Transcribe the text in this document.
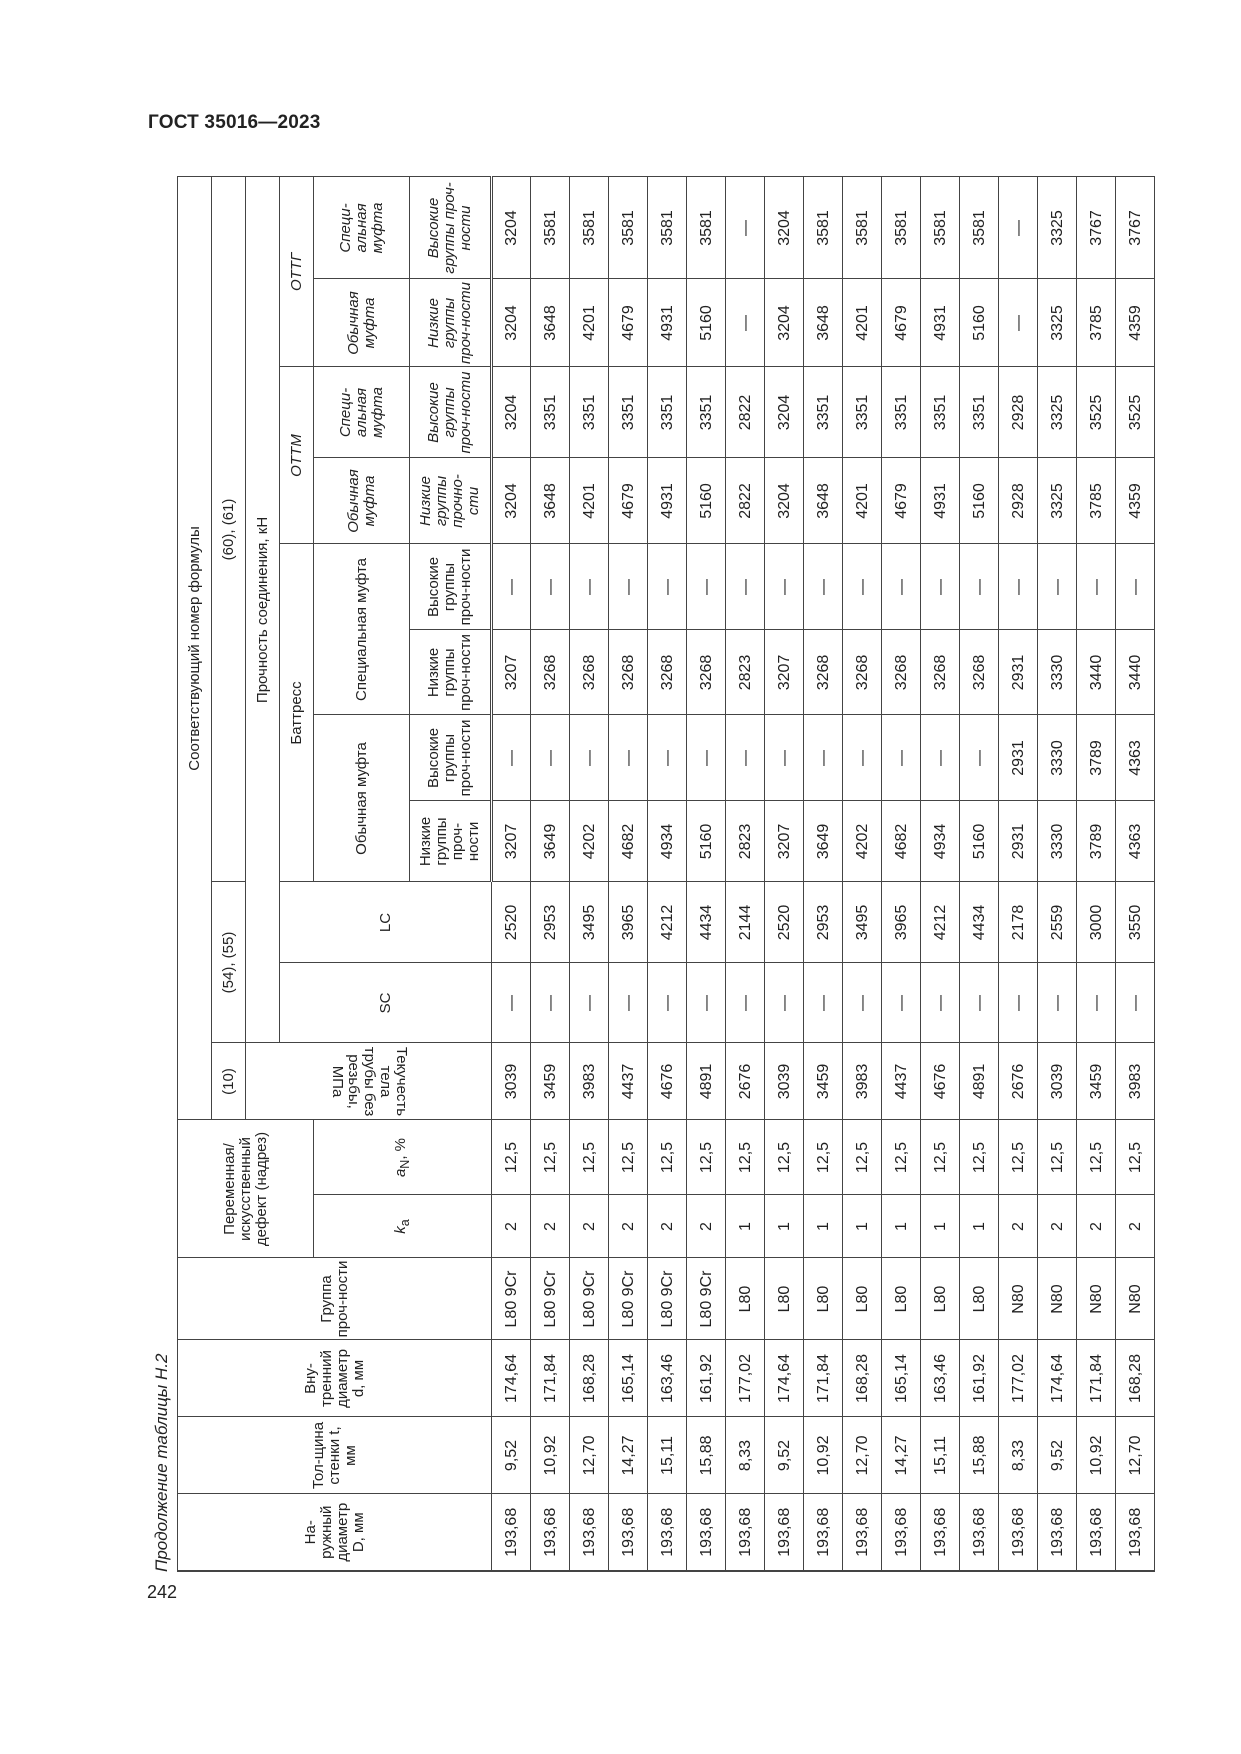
ГОСТ 35016—2023
Продолжение таблицы Н.2
242
На-ружный диаметр D, мм	Тол-щина стенки t, мм	Вну-тренний диаметр d, мм	Группа проч-ности	Переменная/ искусственный дефект (надрез)		Соответствующий номер формулы										
						(10)	(54), (55)		(60), (61)							
						Текучесть тела трубы без резьбы, МПа	Прочность соединения, кН									
							SC	LC	Баттресс				ОТТМ		ОТТГ	
				$k_a$	$a_N$, %				Обычная муфта		Специальная муфта		Обычная муфта	Специ-альная муфта	Обычная муфта	Специ-альная муфта
									Низкие группы проч-ности	Высокие группы проч-ности	Низкие группы проч-ности	Высокие группы проч-ности	Низкие группы прочно-сти	Высокие группы проч-ности	Низкие группы проч-ности	Высокие группы проч-ности
193,68	9,52	174,64	L80 9Cr	2	12,5	3039	—	2520	3207	—	3207	—	3204	3204	3204	3204
193,68	10,92	171,84	L80 9Cr	2	12,5	3459	—	2953	3649	—	3268	—	3648	3351	3648	3581
193,68	12,70	168,28	L80 9Cr	2	12,5	3983	—	3495	4202	—	3268	—	4201	3351	4201	3581
193,68	14,27	165,14	L80 9Cr	2	12,5	4437	—	3965	4682	—	3268	—	4679	3351	4679	3581
193,68	15,11	163,46	L80 9Cr	2	12,5	4676	—	4212	4934	—	3268	—	4931	3351	4931	3581
193,68	15,88	161,92	L80 9Cr	2	12,5	4891	—	4434	5160	—	3268	—	5160	3351	5160	3581
193,68	8,33	177,02	L80	1	12,5	2676	—	2144	2823	—	2823	—	2822	2822	—	—
193,68	9,52	174,64	L80	1	12,5	3039	—	2520	3207	—	3207	—	3204	3204	3204	3204
193,68	10,92	171,84	L80	1	12,5	3459	—	2953	3649	—	3268	—	3648	3351	3648	3581
193,68	12,70	168,28	L80	1	12,5	3983	—	3495	4202	—	3268	—	4201	3351	4201	3581
193,68	14,27	165,14	L80	1	12,5	4437	—	3965	4682	—	3268	—	4679	3351	4679	3581
193,68	15,11	163,46	L80	1	12,5	4676	—	4212	4934	—	3268	—	4931	3351	4931	3581
193,68	15,88	161,92	L80	1	12,5	4891	—	4434	5160	—	3268	—	5160	3351	5160	3581
193,68	8,33	177,02	N80	2	12,5	2676	—	2178	2931	2931	2931	—	2928	2928	—	—
193,68	9,52	174,64	N80	2	12,5	3039	—	2559	3330	3330	3330	—	3325	3325	3325	3325
193,68	10,92	171,84	N80	2	12,5	3459	—	3000	3789	3789	3440	—	3785	3525	3785	3767
193,68	12,70	168,28	N80	2	12,5	3983	—	3550	4363	4363	3440	—	4359	3525	4359	3767
